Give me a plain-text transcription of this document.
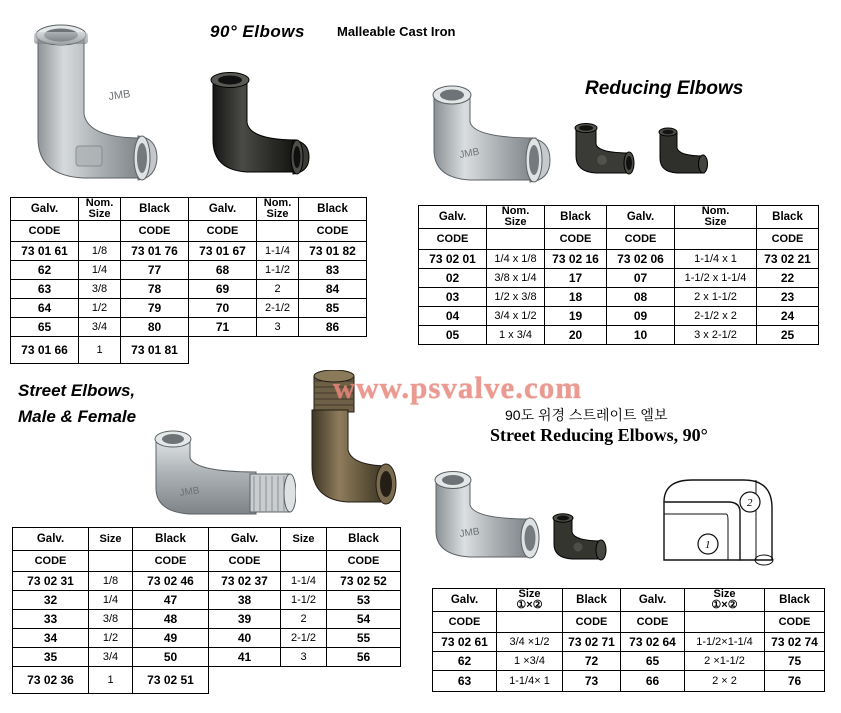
JMB
JMB
JMB
JMB
2
1
90° Elbows Malleable Cast Iron
Reducing Elbows
Street Elbows,
Male & Female	90도 위경 스트레이트 엘보
Street Reducing Elbows, 90°
www.psvalve.com
Galv.	Nom.
Size	Black	Galv.	Nom.
Size	Black
CODE		CODE	CODE		CODE
73 01 61	1/8	73 01 76	73 01 67	1-1/4	73 01 82
62	1/4	77	68	1-1/2	83
63	3/8	78	69	2	84
64	1/2	79	70	2-1/2	85
65	3/4	80	71	3	86
73 01 66	1	73 01 81			
Galv.	Nom.
Size	Black	Galv.	Nom.
Size	Black
CODE		CODE	CODE		CODE
73 02 01	1/4 x 1/8	73 02 16	73 02 06	1-1/4 x 1	73 02 21
02	3/8 x 1/4	17	07	1-1/2 x 1-1/4	22
03	1/2 x 3/8	18	08	2 x 1-1/2	23
04	3/4 x 1/2	19	09	2-1/2 x 2	24
05	1 x 3/4	20	10	3 x 2-1/2	25
Galv.	Size	Black	Galv.	Size	Black
CODE		CODE	CODE		CODE
73 02 31	1/8	73 02 46	73 02 37	1-1/4	73 02 52
32	1/4	47	38	1-1/2	53
33	3/8	48	39	2	54
34	1/2	49	40	2-1/2	55
35	3/4	50	41	3	56
73 02 36	1	73 02 51			
Galv.	Size
①×②	Black	Galv.	Size
①×②	Black
CODE		CODE	CODE		CODE
73 02 61	3/4 ×1/2	73 02 71	73 02 64	1-1/2×1-1/4	73 02 74
62	1 ×3/4	72	65	2 ×1-1/2	75
63	1-1/4× 1	73	66	2 × 2	76
